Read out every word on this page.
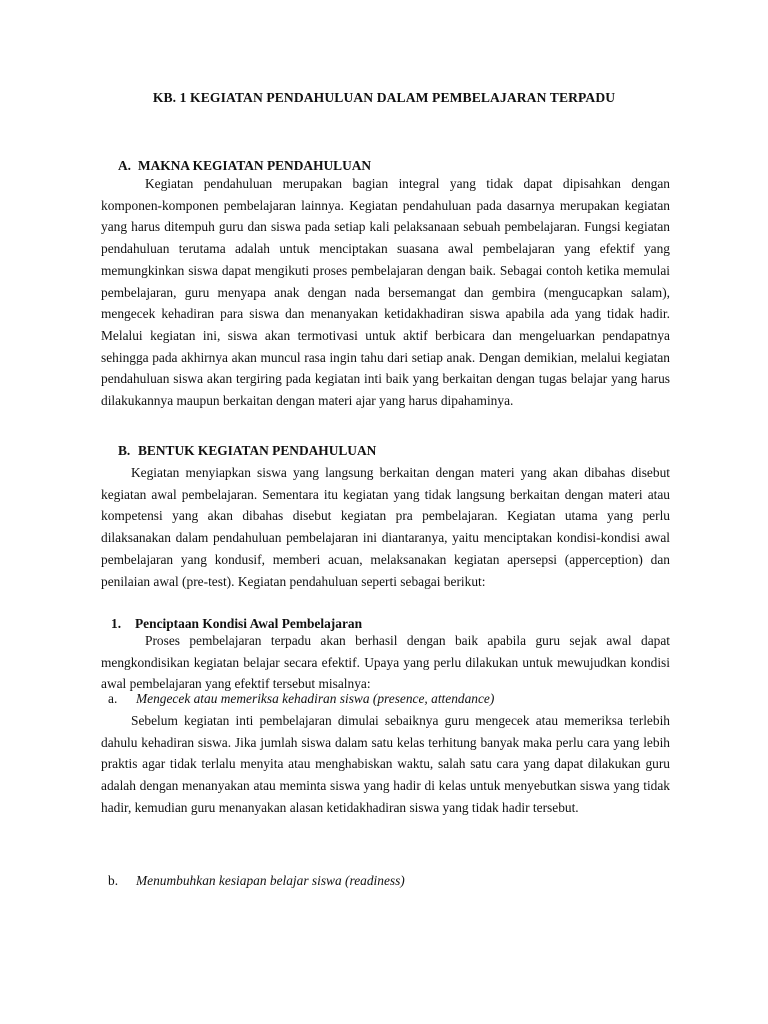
KB. 1 KEGIATAN PENDAHULUAN DALAM PEMBELAJARAN TERPADU
A. MAKNA KEGIATAN PENDAHULUAN

Kegiatan pendahuluan merupakan bagian integral yang tidak dapat dipisahkan dengan komponen-komponen pembelajaran lainnya. Kegiatan pendahuluan pada dasarnya merupakan kegiatan yang harus ditempuh guru dan siswa pada setiap kali pelaksanaan sebuah pembelajaran. Fungsi kegiatan pendahuluan terutama adalah untuk menciptakan suasana awal pembelajaran yang efektif yang memungkinkan siswa dapat mengikuti proses pembelajaran dengan baik. Sebagai contoh ketika memulai pembelajaran, guru menyapa anak dengan nada bersemangat dan gembira (mengucapkan salam), mengecek kehadiran para siswa dan menanyakan ketidakhadiran siswa apabila ada yang tidak hadir. Melalui kegiatan ini, siswa akan termotivasi untuk aktif berbicara dan mengeluarkan pendapatnya sehingga pada akhirnya akan muncul rasa ingin tahu dari setiap anak. Dengan demikian, melalui kegiatan pendahuluan siswa akan tergiring pada kegiatan inti baik yang berkaitan dengan tugas belajar yang harus dilakukannya maupun berkaitan dengan materi ajar yang harus dipahaminya.

B. BENTUK KEGIATAN PENDAHULUAN

Kegiatan menyiapkan siswa yang langsung berkaitan dengan materi yang akan dibahas disebut kegiatan awal pembelajaran. Sementara itu kegiatan yang tidak langsung berkaitan dengan materi atau kompetensi yang akan dibahas disebut kegiatan pra pembelajaran. Kegiatan utama yang perlu dilaksanakan dalam pendahuluan pembelajaran ini diantaranya, yaitu menciptakan kondisi-kondisi awal pembelajaran yang kondusif, memberi acuan, melaksanakan kegiatan apersepsi (apperception) dan penilaian awal (pre-test). Kegiatan pendahuluan seperti sebagai berikut:

1. Penciptaan Kondisi Awal Pembelajaran

Proses pembelajaran terpadu akan berhasil dengan baik apabila guru sejak awal dapat mengkondisikan kegiatan belajar secara efektif. Upaya yang perlu dilakukan untuk mewujudkan kondisi awal pembelajaran yang efektif tersebut misalnya:

a. Mengecek atau memeriksa kehadiran siswa (presence, attendance)

Sebelum kegiatan inti pembelajaran dimulai sebaiknya guru mengecek atau memeriksa terlebih dahulu kehadiran siswa. Jika jumlah siswa dalam satu kelas terhitung banyak maka perlu cara yang lebih praktis agar tidak terlalu menyita atau menghabiskan waktu, salah satu cara yang dapat dilakukan guru adalah dengan menanyakan atau meminta siswa yang hadir di kelas untuk menyebutkan siswa yang tidak hadir, kemudian guru menanyakan alasan ketidakhadiran siswa yang tidak hadir tersebut.

b. Menumbuhkan kesiapan belajar siswa (readiness)
